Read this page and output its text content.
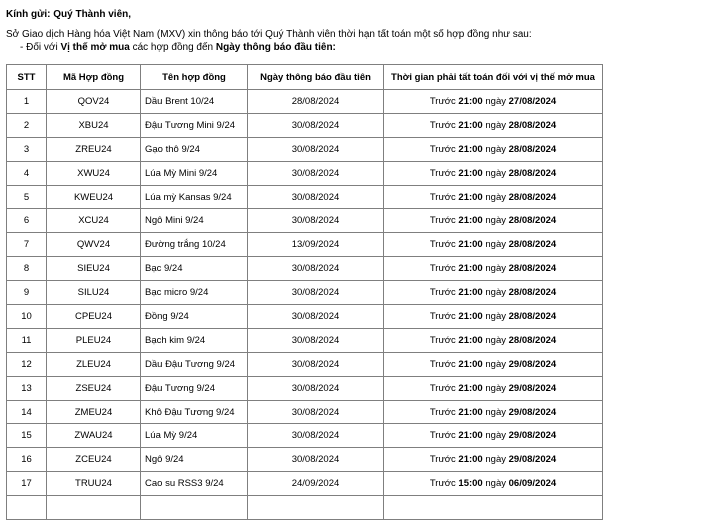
Kính gửi: Quý Thành viên,
Sở Giao dịch Hàng hóa Việt Nam (MXV) xin thông báo tới Quý Thành viên thời hạn tất toán một số hợp đồng như sau:
- Đối với Vị thế mở mua các hợp đồng đến Ngày thông báo đầu tiên:
STT	Mã Hợp đồng	Tên hợp đồng	Ngày thông báo đầu tiên	Thời gian phải tất toán đối với vị thế mở mua
1	QOV24	Dầu Brent 10/24	28/08/2024	Trước 21:00 ngày 27/08/2024
2	XBU24	Đậu Tương Mini 9/24	30/08/2024	Trước 21:00 ngày 28/08/2024
3	ZREU24	Gạo thô 9/24	30/08/2024	Trước 21:00 ngày 28/08/2024
4	XWU24	Lúa Mỳ Mini 9/24	30/08/2024	Trước 21:00 ngày 28/08/2024
5	KWEU24	Lúa mỳ Kansas 9/24	30/08/2024	Trước 21:00 ngày 28/08/2024
6	XCU24	Ngô Mini 9/24	30/08/2024	Trước 21:00 ngày 28/08/2024
7	QWV24	Đường trắng 10/24	13/09/2024	Trước 21:00 ngày 28/08/2024
8	SIEU24	Bạc 9/24	30/08/2024	Trước 21:00 ngày 28/08/2024
9	SILU24	Bạc micro 9/24	30/08/2024	Trước 21:00 ngày 28/08/2024
10	CPEU24	Đồng 9/24	30/08/2024	Trước 21:00 ngày 28/08/2024
11	PLEU24	Bạch kim 9/24	30/08/2024	Trước 21:00 ngày 28/08/2024
12	ZLEU24	Dầu Đậu Tương 9/24	30/08/2024	Trước 21:00 ngày 29/08/2024
13	ZSEU24	Đậu Tương 9/24	30/08/2024	Trước 21:00 ngày 29/08/2024
14	ZMEU24	Khô Đậu Tương 9/24	30/08/2024	Trước 21:00 ngày 29/08/2024
15	ZWAU24	Lúa Mỳ 9/24	30/08/2024	Trước 21:00 ngày 29/08/2024
16	ZCEU24	Ngô 9/24	30/08/2024	Trước 21:00 ngày 29/08/2024
17	TRUU24	Cao su RSS3 9/24	24/09/2024	Trước 15:00 ngày 06/09/2024
